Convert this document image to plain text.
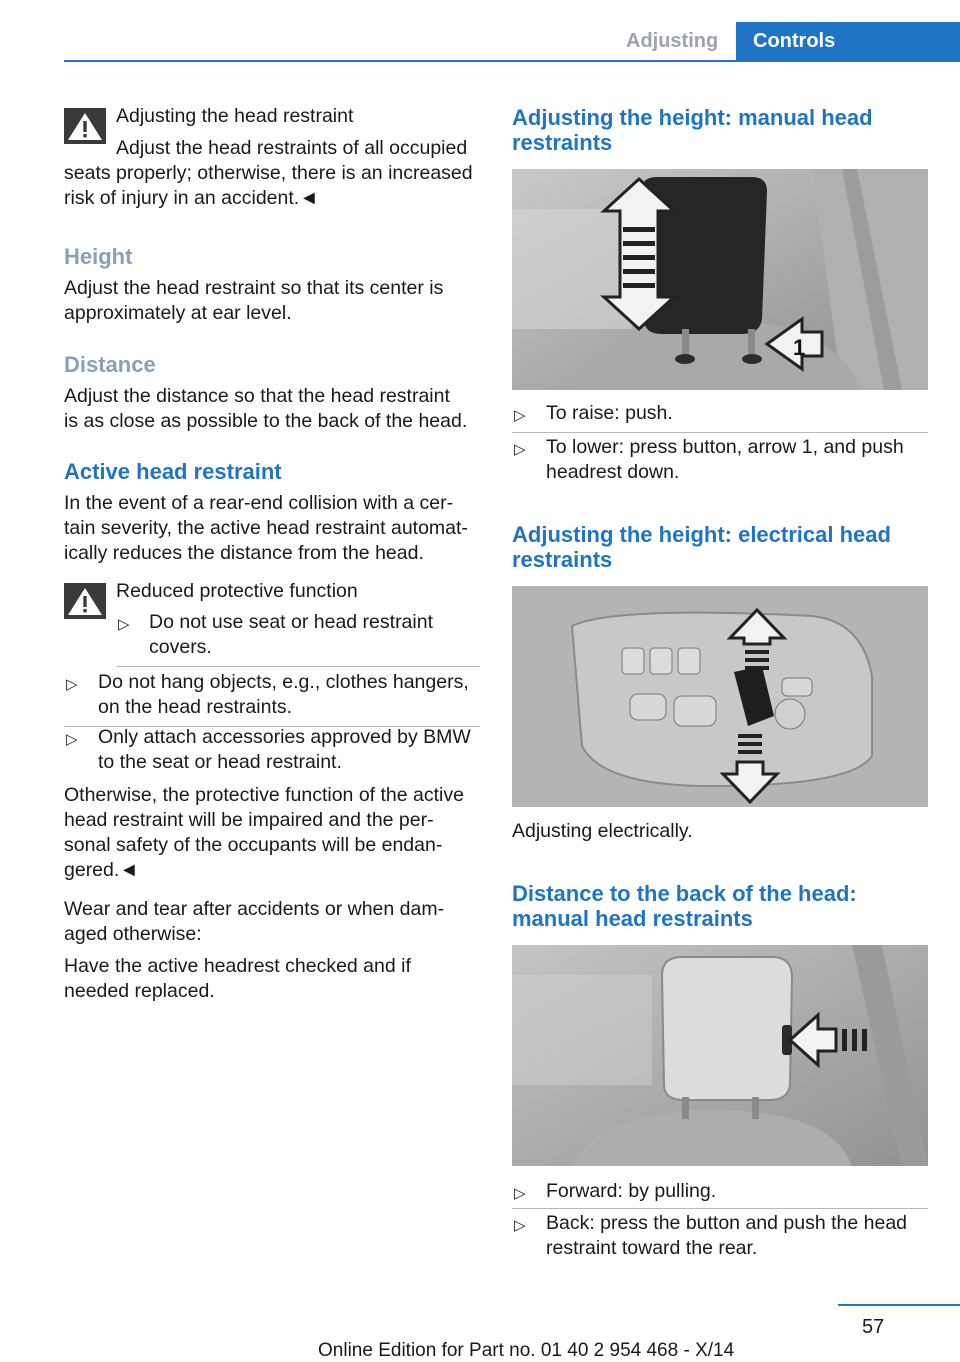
Adjusting Controls
Adjusting the head restraint
Adjust the head restraints of all occupied
seats properly; otherwise, there is an increased
risk of injury in an accident.◄
Height
Adjust the head restraint so that its center is
approximately at ear level.
Distance
Adjust the distance so that the head restraint
is as close as possible to the back of the head.
Active head restraint
In the event of a rear-end collision with a cer-
tain severity, the active head restraint automat-
ically reduces the distance from the head.
Reduced protective function
▷ Do not use seat or head restraint
covers.
▷ Do not hang objects, e.g., clothes hangers,
on the head restraints.
▷ Only attach accessories approved by BMW
to the seat or head restraint.
Otherwise, the protective function of the active
head restraint will be impaired and the per-
sonal safety of the occupants will be endan-
gered.◄
Wear and tear after accidents or when dam-
aged otherwise:
Have the active headrest checked and if
needed replaced.
Adjusting the height: manual head
restraints
1
▷ To raise: push.
▷ To lower: press button, arrow 1, and push
headrest down.
Adjusting the height: electrical head
restraints
Adjusting electrically.
Distance to the back of the head:
manual head restraints
▷ Forward: by pulling.
▷ Back: press the button and push the head
restraint toward the rear.
57
Online Edition for Part no. 01 40 2 954 468 - X/14
